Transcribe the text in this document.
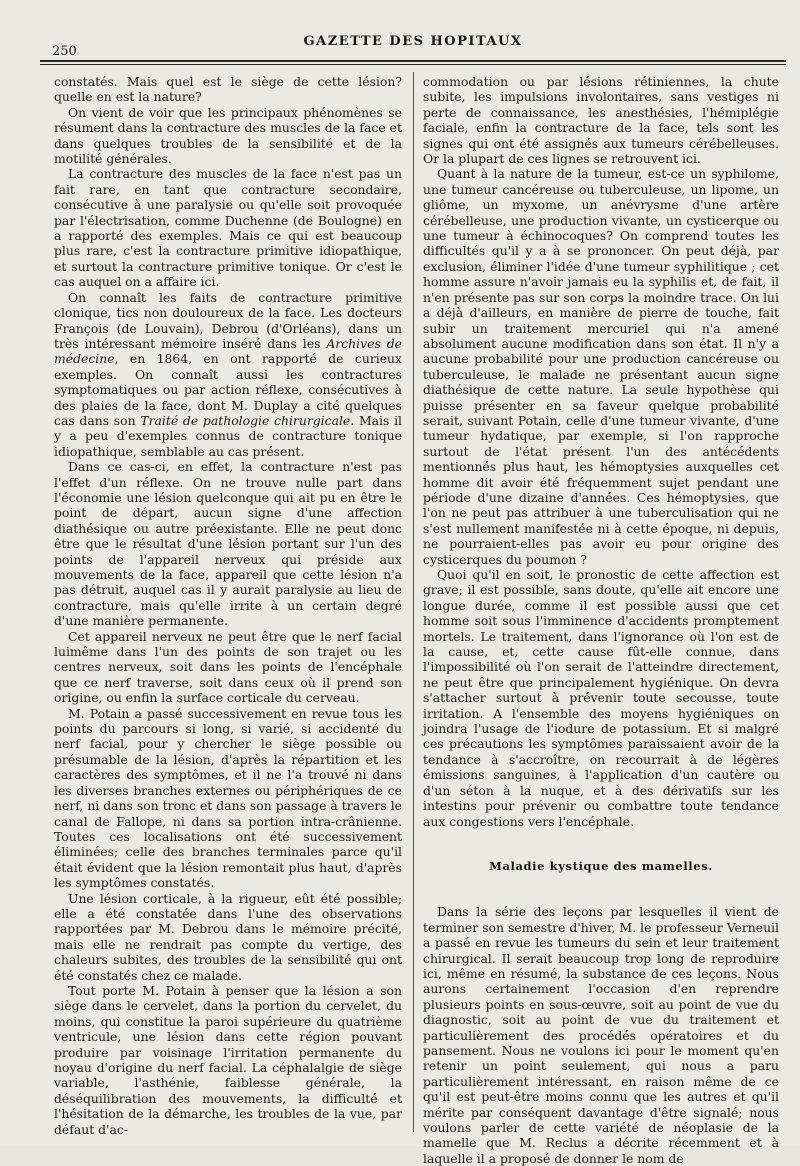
250
GAZETTE DES HOPITAUX

constatés. Mais quel est le siège de cette lésion? quelle en est la nature?

On vient de voir que les principaux phénomènes se résument dans la contracture des muscles de la face et dans quelques troubles de la sensibilité et de la motilité générales.

La contracture des muscles de la face n'est pas un fait rare, en tant que contracture secondaire, consécutive à une paralysie ou qu'elle soit provoquée par l'électrisation, comme Duchenne (de Boulogne) en a rapporté des exemples. Mais ce qui est beaucoup plus rare, c'est la contracture primitive idiopathique, et surtout la contracture primitive tonique. Or c'est le cas auquel on a affaire ici.

On connaît les faits de contracture primitive clonique, tics non douloureux de la face. Les docteurs François (de Louvain), Debrou (d'Orléans), dans un très intéressant mémoire inséré dans les Archives de médecine, en 1864, en ont rapporté de curieux exemples. On connaît aussi les contractures symptomatiques ou par action réflexe, consécutives à des plaies de la face, dont M. Duplay a cité quelques cas dans son Traité de pathologie chirurgicale. Mais il y a peu d'exemples connus de contracture tonique idiopathique, semblable au cas présent.

Dans ce cas-ci, en effet, la contracture n'est pas l'effet d'un réflexe. On ne trouve nulle part dans l'économie une lésion quelconque qui ait pu en être le point de départ, aucun signe d'une affection diathésique ou autre préexistante. Elle ne peut donc être que le résultat d'une lésion portant sur l'un des points de l'appareil nerveux qui préside aux mouvements de la face, appareil que cette lésion n'a pas détruit, auquel cas il y aurait paralysie au lieu de contracture, mais qu'elle irrite à un certain degré d'une manière permanente.

Cet appareil nerveux ne peut être que le nerf facial luimême dans l'un des points de son trajet ou les centres nerveux, soit dans les points de l'encéphale que ce nerf traverse, soit dans ceux où il prend son origine, ou enfin la surface corticale du cerveau.

M. Potain a passé successivement en revue tous les points du parcours si long, si varié, si accidenté du nerf facial, pour y chercher le siège possible ou présumable de la lésion, d'après la répartition et les caractères des symptômes, et il ne l'a trouvé ni dans les diverses branches externes ou périphériques de ce nerf, ni dans son tronc et dans son passage à travers le canal de Fallope, ni dans sa portion intra-crânienne. Toutes ces localisations ont été successivement éliminées; celle des branches terminales parce qu'il était évident que la lésion remontait plus haut, d'après les symptômes constatés.

Une lésion corticale, à la rigueur, eût été possible; elle a été constatée dans l'une des observations rapportées par M. Debrou dans le mémoire précité, mais elle ne rendrait pas compte du vertige, des chaleurs subites, des troubles de la sensibilité qui ont été constatés chez ce malade.

Tout porte M. Potain à penser que la lésion a son siège dans le cervelet, dans la portion du cervelet, du moins, qui constitue la paroi supérieure du quatrième ventricule, une lésion dans cette région pouvant produire par voisinage l'irritation permanente du noyau d'origine du nerf facial. La céphalalgie de siège variable, l'asthénie, faiblesse générale, la déséquilibration des mouvements, la difficulté et l'hésitation de la démarche, les troubles de la vue, par défaut d'ac-

commodation ou par lésions rétiniennes, la chute subite, les impulsions involontaires, sans vestiges ni perte de connaissance, les anesthésies, l'hémiplégie faciale, enfin la contracture de la face, tels sont les signes qui ont été assignés aux tumeurs cérébelleuses. Or la plupart de ces lignes se retrouvent ici.

Quant à la nature de la tumeur, est-ce un syphilome, une tumeur cancéreuse ou tuberculeuse, un lipome, un gliôme, un myxome, un anévrysme d'une artère cérébelleuse, une production vivante, un cysticerque ou une tumeur à échinocoques? On comprend toutes les difficultés qu'il y a à se prononcer. On peut déjà, par exclusion, éliminer l'idée d'une tumeur syphilitique ; cet homme assure n'avoir jamais eu la syphilis et, de fait, il n'en présente pas sur son corps la moindre trace. On lui a déjà d'ailleurs, en manière de pierre de touche, fait subir un traitement mercuriel qui n'a amené absolument aucune modification dans son état. Il n'y a aucune probabilité pour une production cancéreuse ou tuberculeuse, le malade ne présentant aucun signe diathésique de cette nature. La seule hypothèse qui puisse présenter en sa faveur quelque probabilité serait, suivant Potain, celle d'une tumeur vivante, d'une tumeur hydatique, par exemple, si l'on rapproche surtout de l'état présent l'un des antécédents mentionnés plus haut, les hémoptysies auxquelles cet homme dit avoir été fréquemment sujet pendant une période d'une dizaine d'années. Ces hémoptysies, que l'on ne peut pas attribuer à une tuberculisation qui ne s'est nullement manifestée ni à cette époque, ni depuis, ne pourraient-elles pas avoir eu pour origine des cysticerques du poumon ?

Quoi qu'il en soit, le pronostic de cette affection est grave; il est possible, sans doute, qu'elle ait encore une longue durée, comme il est possible aussi que cet homme soit sous l'imminence d'accidents promptement mortels. Le traitement, dans l'ignorance où l'on est de la cause, et, cette cause fût-elle connue, dans l'impossibilité où l'on serait de l'atteindre directement, ne peut être que principalement hygiénique. On devra s'attacher surtout à prévenir toute secousse, toute irritation. A l'ensemble des moyens hygiéniques on joindra l'usage de l'iodure de potassium. Et si malgré ces précautions les symptômes paraissaient avoir de la tendance à s'accroître, on recourrait à de légères émissions sanguines, à l'application d'un cautère ou d'un séton à la nuque, et à des dérivatifs sur les intestins pour prévenir ou combattre toute tendance aux congestions vers l'encéphale.

Maladie kystique des mamelles.

Dans la série des leçons par lesquelles il vient de terminer son semestre d'hiver, M. le professeur Verneuil a passé en revue les tumeurs du sein et leur traitement chirurgical. Il serait beaucoup trop long de reproduire ici, même en résumé, la substance de ces leçons. Nous aurons certainement l'occasion d'en reprendre plusieurs points en sous-œuvre, soit au point de vue du diagnostic, soit au point de vue du traitement et particulièrement des procédés opératoires et du pansement. Nous ne voulons ici pour le moment qu'en retenir un point seulement, qui nous a paru particulièrement intéressant, en raison même de ce qu'il est peut-être moins connu que les autres et qu'il mérite par conséquent davantage d'être signalé; nous voulons parler de cette variété de néoplasie de la mamelle que M. Reclus a décrite récemment et à laquelle il a proposé de donner le nom de
